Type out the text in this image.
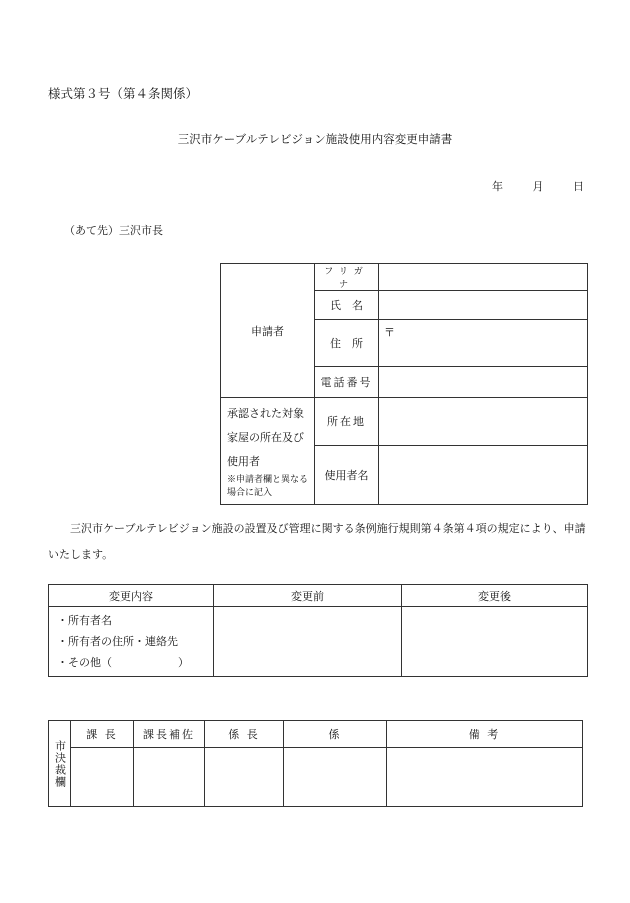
様式第３号（第４条関係）
三沢市ケーブルテレビジョン施設使用内容変更申請書
年	月	日
（あて先）三沢市長
申請者	フリガナ	
	氏　名	
	住　所	〒
	電話番号	
承認された対象家屋の所在及び使用者
※申請者欄と異なる場合に記入	所在地	
	使用者名	
三沢市ケーブルテレビジョン施設の設置及び管理に関する条例施行規則第４条第４項の規定により、申請いたします。
変更内容	変更前	変更後

・所有者名
・所有者の住所・連絡先
・その他（　　　　　　）		

市決裁欄	課 長	課長補佐	係 長	係	備 考
